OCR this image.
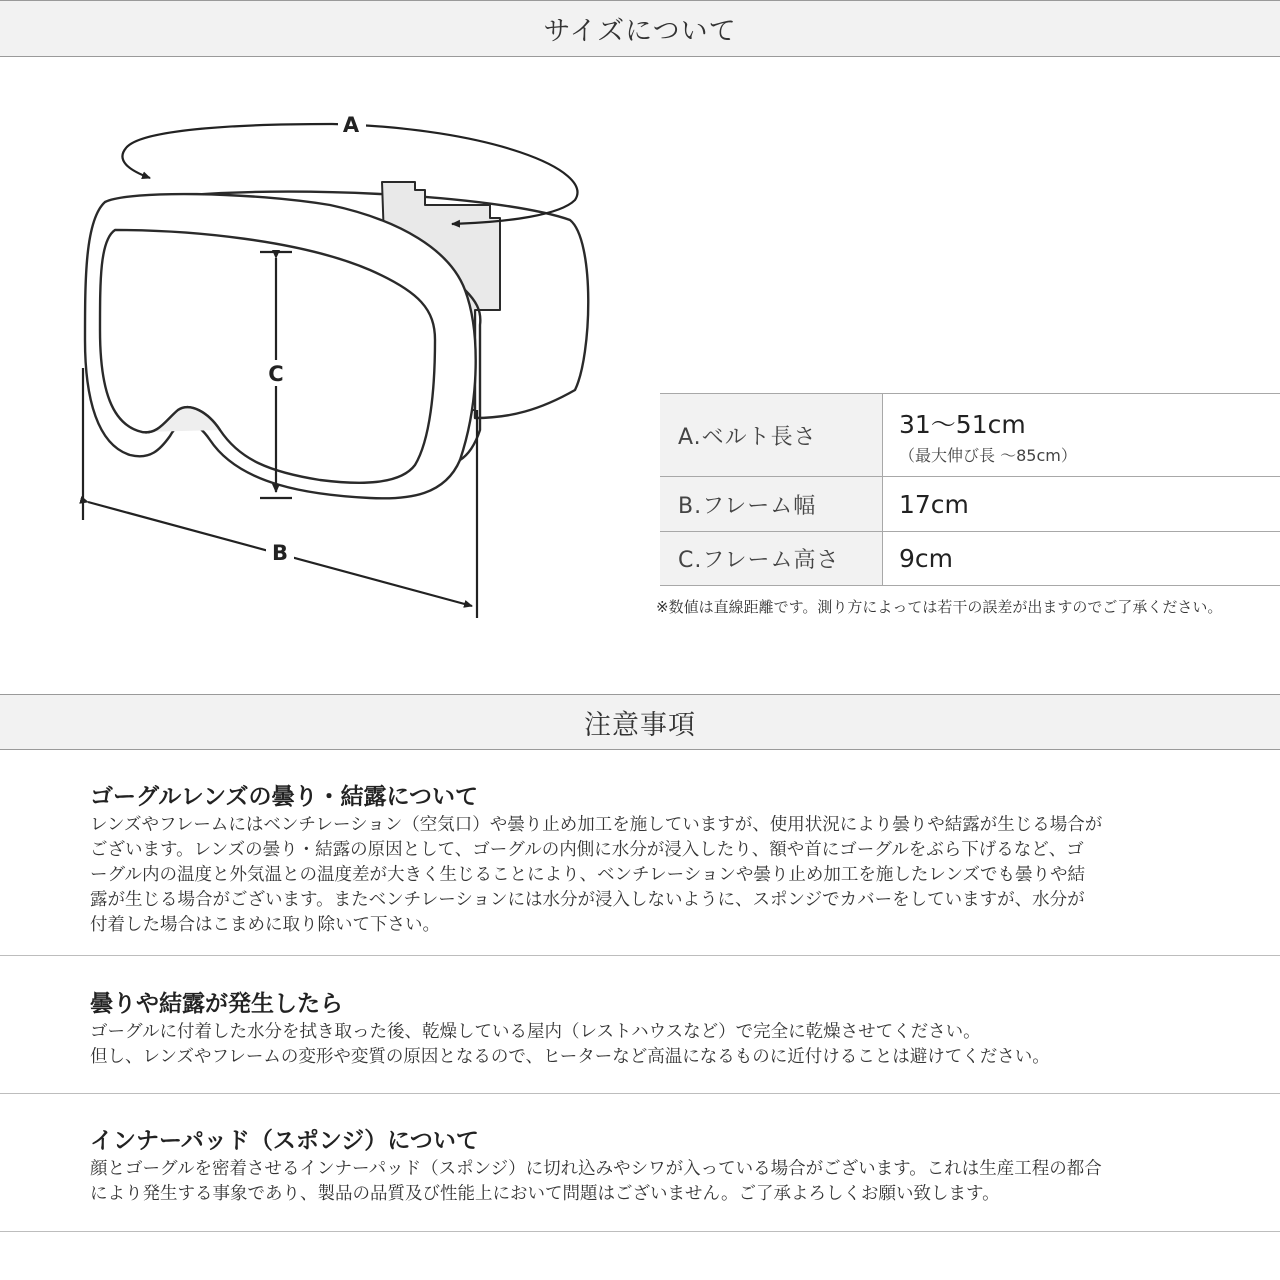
サイズについて
A
C
B
A.ベルト長さ	31〜51cm
（最大伸び長 〜85cm）

B.フレーム幅	17cm
C.フレーム高さ	9cm
※数値は直線距離です。測り方によっては若干の誤差が出ますのでご了承ください。
注意事項
ゴーグルレンズの曇り・結露について

レンズやフレームにはベンチレーション（空気口）や曇り止め加工を施していますが、使用状況により曇りや結露が生じる場合が
ございます。レンズの曇り・結露の原因として、ゴーグルの内側に水分が浸入したり、額や首にゴーグルをぶら下げるなど、ゴ
ーグル内の温度と外気温との温度差が大きく生じることにより、ベンチレーションや曇り止め加工を施したレンズでも曇りや結
露が生じる場合がございます。またベンチレーションには水分が浸入しないように、スポンジでカバーをしていますが、水分が
付着した場合はこまめに取り除いて下さい。

曇りや結露が発生したら

ゴーグルに付着した水分を拭き取った後、乾燥している屋内（レストハウスなど）で完全に乾燥させてください。
但し、レンズやフレームの変形や変質の原因となるので、ヒーターなど高温になるものに近付けることは避けてください。

インナーパッド（スポンジ）について

顔とゴーグルを密着させるインナーパッド（スポンジ）に切れ込みやシワが入っている場合がございます。これは生産工程の都合
により発生する事象であり、製品の品質及び性能上において問題はございません。ご了承よろしくお願い致します。
